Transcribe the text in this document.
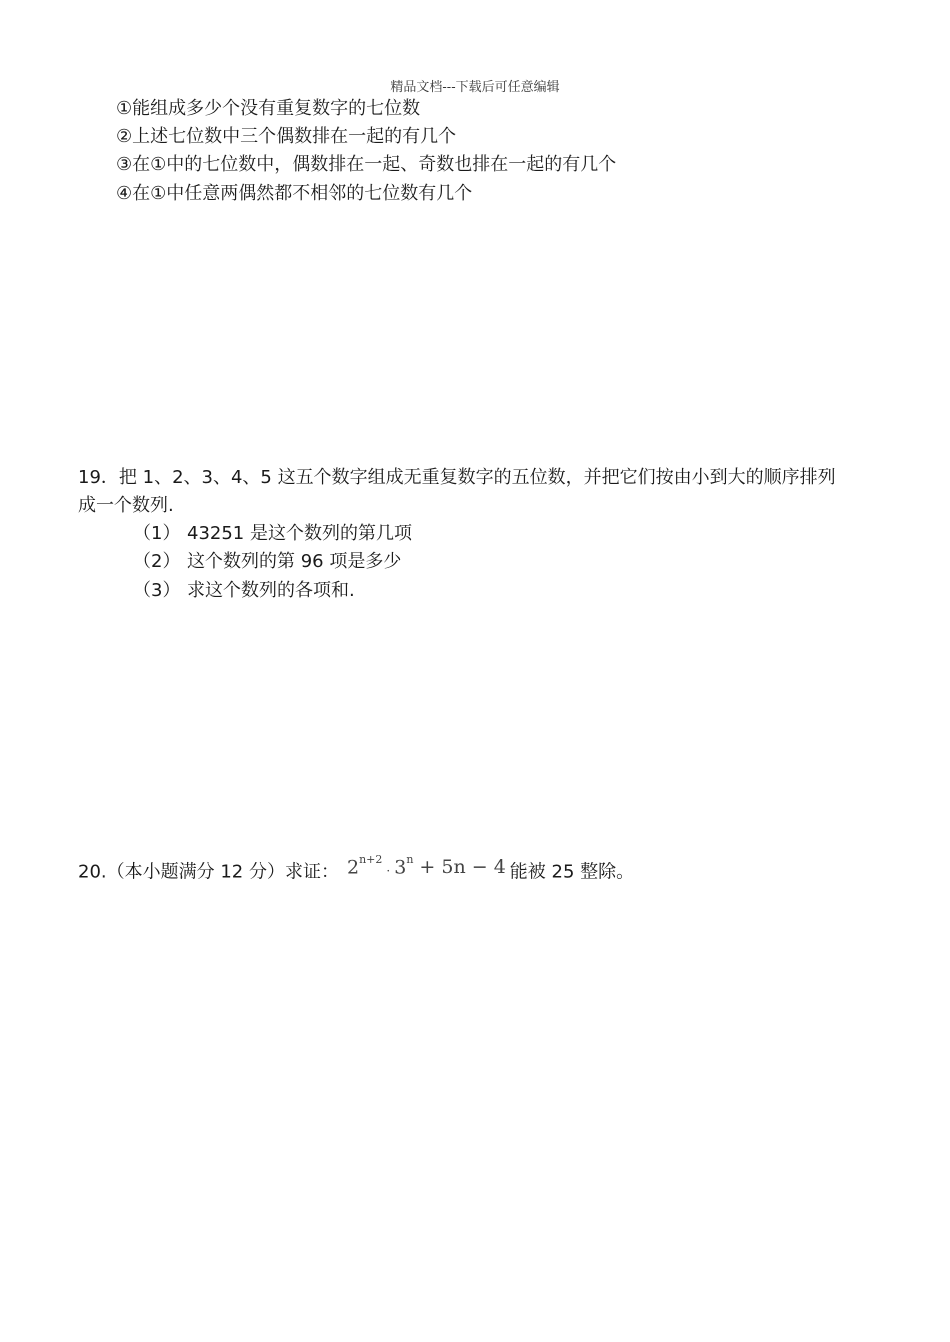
精品文档---下载后可任意编辑
①能组成多少个没有重复数字的七位数
②上述七位数中三个偶数排在一起的有几个
③在①中的七位数中，偶数排在一起、奇数也排在一起的有几个
④在①中任意两偶然都不相邻的七位数有几个
19．把 1、2、3、4、5 这五个数字组成无重复数字的五位数，并把它们按由小到大的顺序排列
成一个数列.
（1） 43251 是这个数列的第几项
（2） 这个数列的第 96 项是多少
（3） 求这个数列的各项和.
20.（本小题满分 12 分）求证： $2^{n+2}\cdot 3^n + 5n - 4$ 能被 25 整除。
